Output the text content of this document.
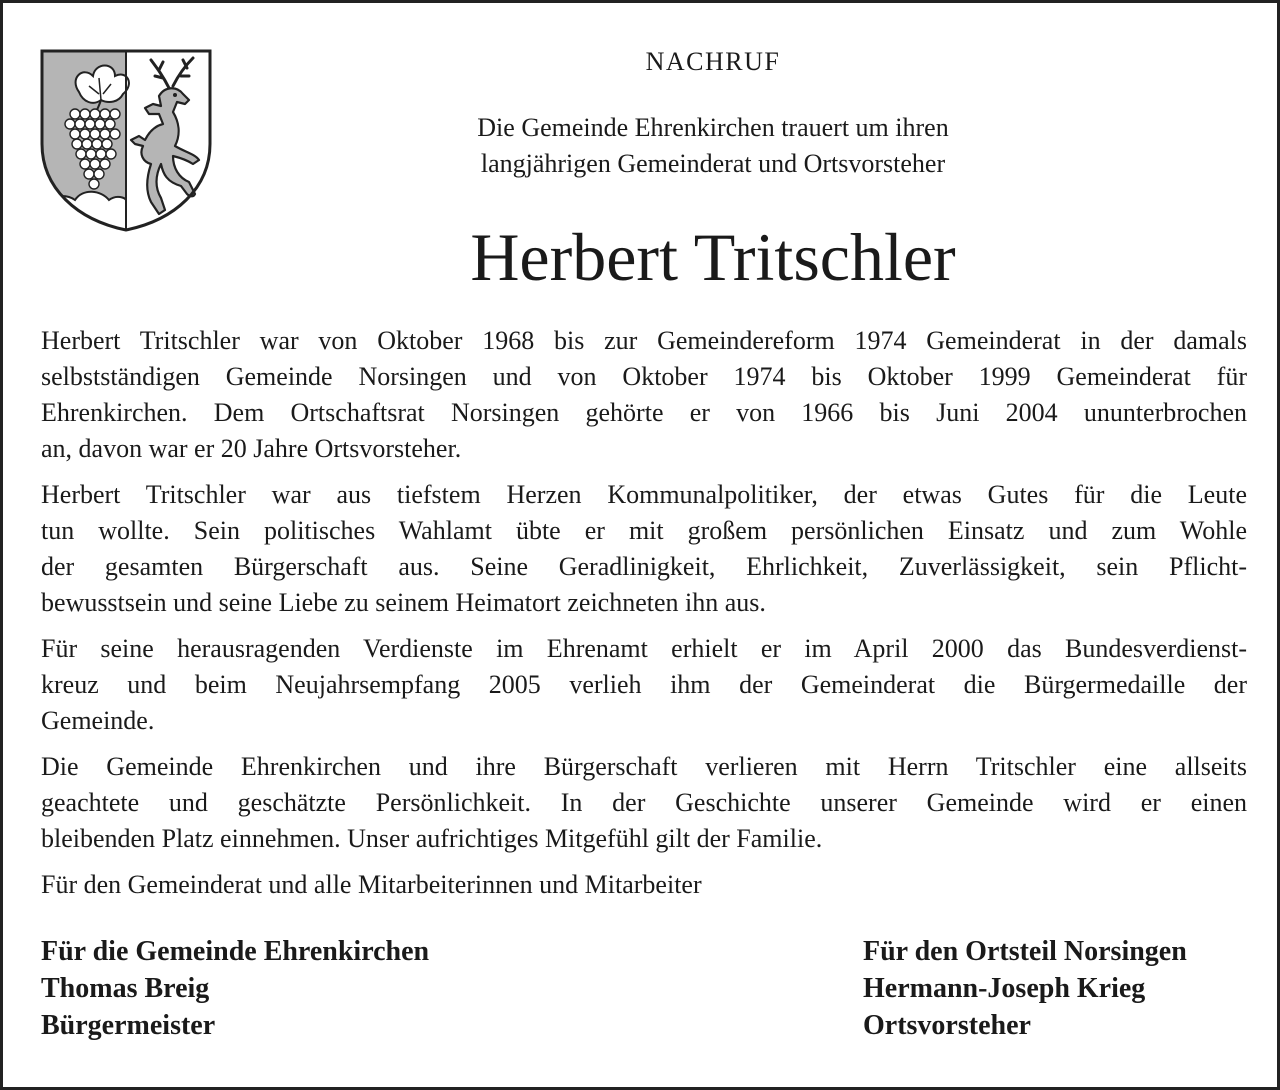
NACHRUF
Die Gemeinde Ehrenkirchen trauert um ihren
langjährigen Gemeinderat und Ortsvorsteher
Herbert Tritschler

Herbert Tritschler war von Oktober 1968 bis zur Gemeindereform 1974 Gemeinderat in der damals
selbstständigen Gemeinde Norsingen und von Oktober 1974 bis Oktober 1999 Gemeinderat für
Ehrenkirchen. Dem Ortschaftsrat Norsingen gehörte er von 1966 bis Juni 2004 ununterbrochen
an, davon war er 20 Jahre Ortsvorsteher.

Herbert Tritschler war aus tiefstem Herzen Kommunalpolitiker, der etwas Gutes für die Leute
tun wollte. Sein politisches Wahlamt übte er mit großem persönlichen Einsatz und zum Wohle
der gesamten Bürgerschaft aus. Seine Geradlinigkeit, Ehrlichkeit, Zuverlässigkeit, sein Pflicht-
bewusstsein und seine Liebe zu seinem Heimatort zeichneten ihn aus.

Für seine herausragenden Verdienste im Ehrenamt erhielt er im April 2000 das Bundesverdienst-
kreuz und beim Neujahrsempfang 2005 verlieh ihm der Gemeinderat die Bürgermedaille der
Gemeinde.

Die Gemeinde Ehrenkirchen und ihre Bürgerschaft verlieren mit Herrn Tritschler eine allseits
geachtete und geschätzte Persönlichkeit. In der Geschichte unserer Gemeinde wird er einen
bleibenden Platz einnehmen. Unser aufrichtiges Mitgefühl gilt der Familie.

Für den Gemeinderat und alle Mitarbeiterinnen und Mitarbeiter

Für die Gemeinde Ehrenkirchen
Thomas Breig
Bürgermeister
Für den Ortsteil Norsingen
Hermann-Joseph Krieg
Ortsvorsteher
